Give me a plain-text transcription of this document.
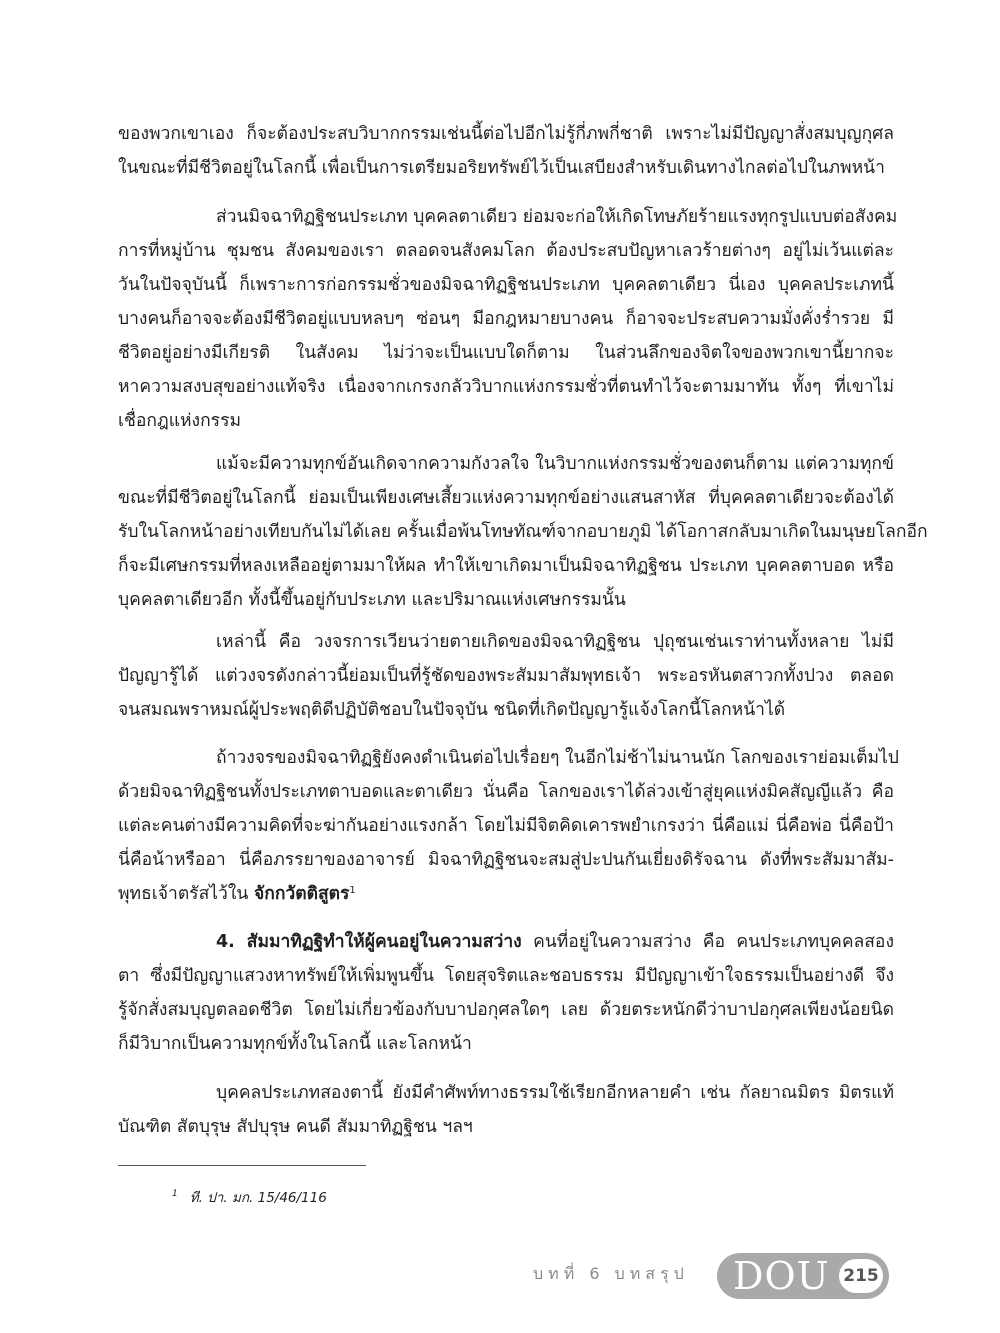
ของพวกเขาเอง ก็จะต้องประสบวิบากกรรมเช่นนี้ต่อไปอีกไม่รู้กี่ภพกี่ชาติ เพราะไม่มีปัญญาสั่งสมบุญกุศล
ในขณะที่มีชีวิตอยู่ในโลกนี้ เพื่อเป็นการเตรียมอริยทรัพย์ไว้เป็นเสบียงสำหรับเดินทางไกลต่อไปในภพหน้า
ส่วนมิจฉาทิฏฐิชนประเภท บุคคลตาเดียว ย่อมจะก่อให้เกิดโทษภัยร้ายแรงทุกรูปแบบต่อสังคม
การที่หมู่บ้าน ชุมชน สังคมของเรา ตลอดจนสังคมโลก ต้องประสบปัญหาเลวร้ายต่างๆ อยู่ไม่เว้นแต่ละ
วันในปัจจุบันนี้ ก็เพราะการก่อกรรมชั่วของมิจฉาทิฏฐิชนประเภท บุคคลตาเดียว นี่เอง บุคคลประเภทนี้
บางคนก็อาจจะต้องมีชีวิตอยู่แบบหลบๆ ซ่อนๆ มีอกฎหมายบางคน ก็อาจจะประสบความมั่งคั่งร่ำรวย มี
ชีวิตอยู่อย่างมีเกียรติ ในสังคม ไม่ว่าจะเป็นแบบใดก็ตาม ในส่วนลึกของจิตใจของพวกเขานี้ยากจะ
หาความสงบสุขอย่างแท้จริง เนื่องจากเกรงกลัววิบากแห่งกรรมชั่วที่ตนทำไว้จะตามมาทัน ทั้งๆ ที่เขาไม่
เชื่อกฎแห่งกรรม
แม้จะมีความทุกข์อันเกิดจากความกังวลใจ ในวิบากแห่งกรรมชั่วของตนก็ตาม แต่ความทุกข์
ขณะที่มีชีวิตอยู่ในโลกนี้ ย่อมเป็นเพียงเศษเสี้ยวแห่งความทุกข์อย่างแสนสาหัส ที่บุคคลตาเดียวจะต้องได้
รับในโลกหน้าอย่างเทียบกันไม่ได้เลย ครั้นเมื่อพ้นโทษทัณฑ์จากอบายภูมิ ได้โอกาสกลับมาเกิดในมนุษยโลกอีก
ก็จะมีเศษกรรมที่หลงเหลืออยู่ตามมาให้ผล ทำให้เขาเกิดมาเป็นมิจฉาทิฏฐิชน ประเภท บุคคลตาบอด หรือ
บุคคลตาเดียวอีก ทั้งนี้ขึ้นอยู่กับประเภท และปริมาณแห่งเศษกรรมนั้น
เหล่านี้ คือ วงจรการเวียนว่ายตายเกิดของมิจฉาทิฏฐิชน ปุถุชนเช่นเราท่านทั้งหลาย ไม่มี
ปัญญารู้ได้ แต่วงจรดังกล่าวนี้ย่อมเป็นที่รู้ชัดของพระสัมมาสัมพุทธเจ้า พระอรหันตสาวกทั้งปวง ตลอด
จนสมณพราหมณ์ผู้ประพฤติดีปฏิบัติชอบในปัจจุบัน ชนิดที่เกิดปัญญารู้แจ้งโลกนี้โลกหน้าได้
ถ้าวงจรของมิจฉาทิฏฐิยังคงดำเนินต่อไปเรื่อยๆ ในอีกไม่ช้าไม่นานนัก โลกของเราย่อมเต็มไป
ด้วยมิจฉาทิฏฐิชนทั้งประเภทตาบอดและตาเดียว นั่นคือ โลกของเราได้ล่วงเข้าสู่ยุคแห่งมิคสัญญีแล้ว คือ
แต่ละคนต่างมีความคิดที่จะฆ่ากันอย่างแรงกล้า โดยไม่มีจิตคิดเคารพยำเกรงว่า นี่คือแม่ นี่คือพ่อ นี่คือป้า
นี่คือน้าหรืออา นี่คือภรรยาของอาจารย์ มิจฉาทิฏฐิชนจะสมสู่ปะปนกันเยี่ยงดิรัจฉาน ดังที่พระสัมมาสัม-
พุทธเจ้าตรัสไว้ใน จักกวัตติสูตร$^1$
4. สัมมาทิฏฐิทำให้ผู้คนอยู่ในความสว่าง คนที่อยู่ในความสว่าง คือ คนประเภทบุคคลสอง
ตา ซึ่งมีปัญญาแสวงหาทรัพย์ให้เพิ่มพูนขึ้น โดยสุจริตและชอบธรรม มีปัญญาเข้าใจธรรมเป็นอย่างดี จึง
รู้จักสั่งสมบุญตลอดชีวิต โดยไม่เกี่ยวข้องกับบาปอกุศลใดๆ เลย ด้วยตระหนักดีว่าบาปอกุศลเพียงน้อยนิด
ก็มีวิบากเป็นความทุกข์ทั้งในโลกนี้ และโลกหน้า
บุคคลประเภทสองตานี้ ยังมีคำศัพท์ทางธรรมใช้เรียกอีกหลายคำ เช่น กัลยาณมิตร มิตรแท้
บัณฑิต สัตบุรุษ สัปบุรุษ คนดี สัมมาทิฏฐิชน ฯลฯ
$^1$ ที. ปา. มก. 15/46/116
บทที่ 6 บทสรุป DOU 215
